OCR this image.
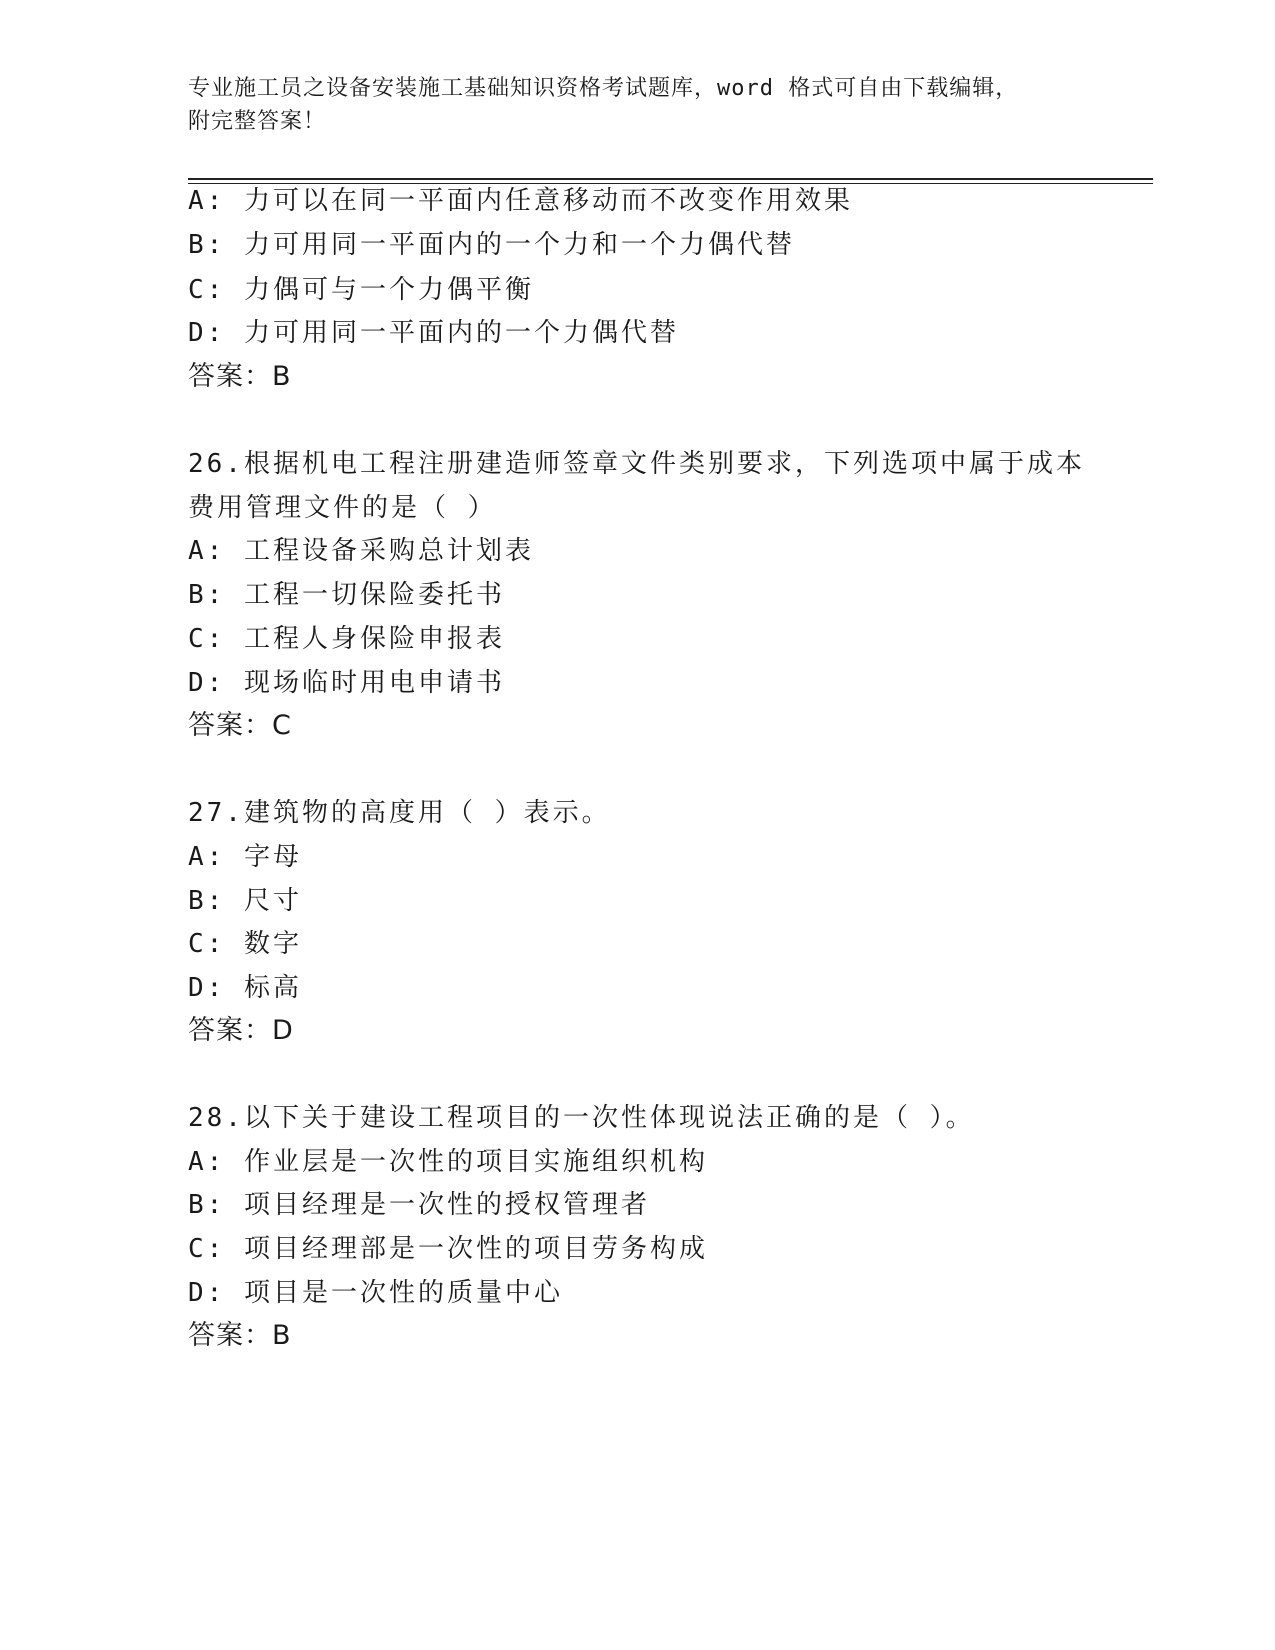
专业施工员之设备安装施工基础知识资格考试题库，word 格式可自由下载编辑，
附完整答案！
A: 力可以在同一平面内任意移动而不改变作用效果
B: 力可用同一平面内的一个力和一个力偶代替
C: 力偶可与一个力偶平衡
D: 力可用同一平面内的一个力偶代替
答案：B
26.根据机电工程注册建造师签章文件类别要求，下列选项中属于成本
费用管理文件的是（ ）
A: 工程设备采购总计划表
B: 工程一切保险委托书
C: 工程人身保险申报表
D: 现场临时用电申请书
答案：C
27.建筑物的高度用（ ）表示。
A: 字母
B: 尺寸
C: 数字
D: 标高
答案：D
28.以下关于建设工程项目的一次性体现说法正确的是（ ）。
A: 作业层是一次性的项目实施组织机构
B: 项目经理是一次性的授权管理者
C: 项目经理部是一次性的项目劳务构成
D: 项目是一次性的质量中心
答案：B
